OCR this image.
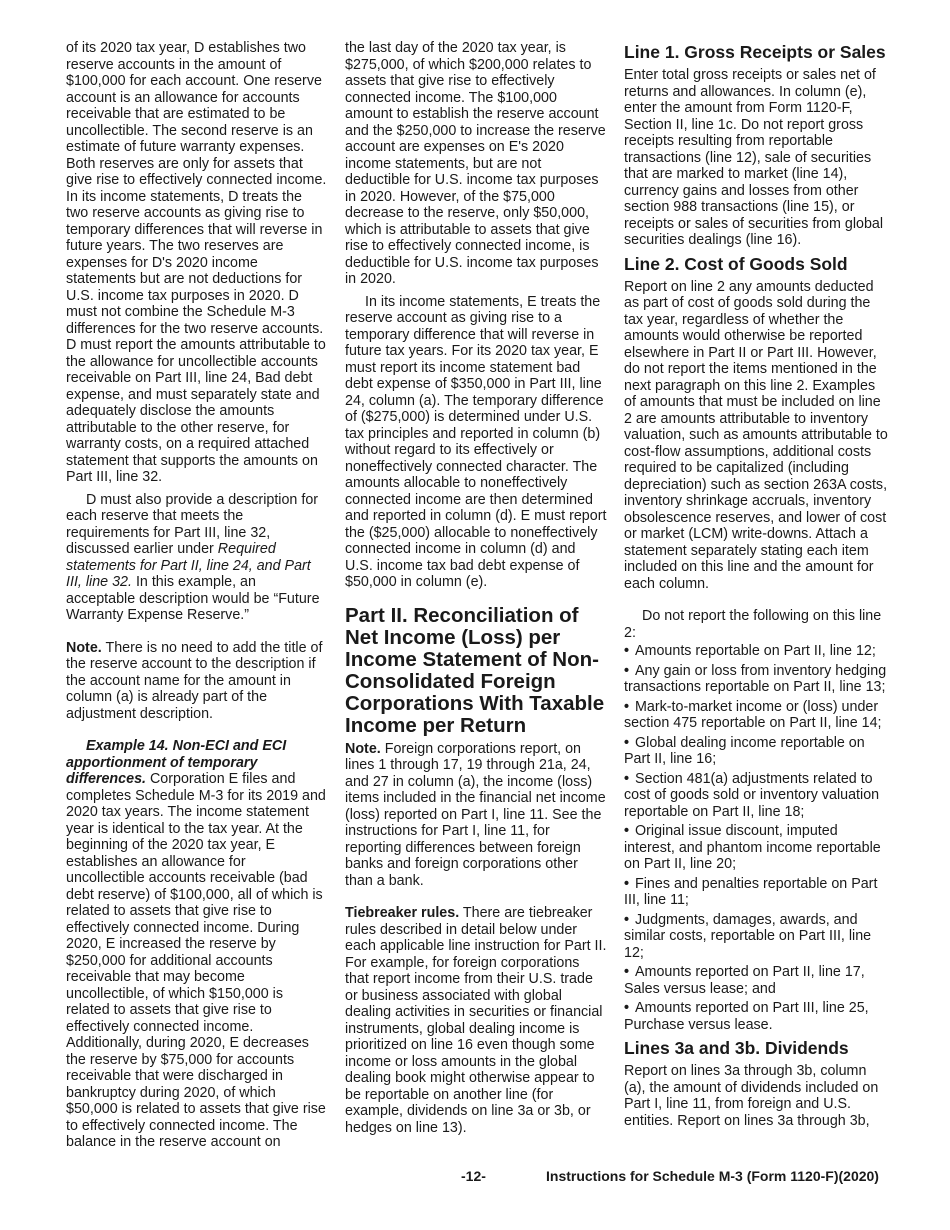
of its 2020 tax year, D establishes two reserve accounts in the amount of $100,000 for each account. One reserve account is an allowance for accounts receivable that are estimated to be uncollectible. The second reserve is an estimate of future warranty expenses. Both reserves are only for assets that give rise to effectively connected income. In its income statements, D treats the two reserve accounts as giving rise to temporary differences that will reverse in future years. The two reserves are expenses for D's 2020 income statements but are not deductions for U.S. income tax purposes in 2020. D must not combine the Schedule M-3 differences for the two reserve accounts. D must report the amounts attributable to the allowance for uncollectible accounts receivable on Part III, line 24, Bad debt expense, and must separately state and adequately disclose the amounts attributable to the other reserve, for warranty costs, on a required attached statement that supports the amounts on Part III, line 32.

D must also provide a description for each reserve that meets the requirements for Part III, line 32, discussed earlier under Required statements for Part II, line 24, and Part III, line 32. In this example, an acceptable description would be “Future Warranty Expense Reserve.”

Note. There is no need to add the title of the reserve account to the description if the account name for the amount in column (a) is already part of the adjustment description.

Example 14. Non-ECI and ECI apportionment of temporary differences. Corporation E files and completes Schedule M-3 for its 2019 and 2020 tax years. The income statement year is identical to the tax year. At the beginning of the 2020 tax year, E establishes an allowance for uncollectible accounts receivable (bad debt reserve) of $100,000, all of which is related to assets that give rise to effectively connected income. During 2020, E increased the reserve by $250,000 for additional accounts receivable that may become uncollectible, of which $150,000 is related to assets that give rise to effectively connected income. Additionally, during 2020, E decreases the reserve by $75,000 for accounts receivable that were discharged in bankruptcy during 2020, of which $50,000 is related to assets that give rise to effectively connected income. The balance in the reserve account on

the last day of the 2020 tax year, is $275,000, of which $200,000 relates to assets that give rise to effectively connected income. The $100,000 amount to establish the reserve account and the $250,000 to increase the reserve account are expenses on E's 2020 income statements, but are not deductible for U.S. income tax purposes in 2020. However, of the $75,000 decrease to the reserve, only $50,000, which is attributable to assets that give rise to effectively connected income, is deductible for U.S. income tax purposes in 2020.

In its income statements, E treats the reserve account as giving rise to a temporary difference that will reverse in future tax years. For its 2020 tax year, E must report its income statement bad debt expense of $350,000 in Part III, line 24, column (a). The temporary difference of ($275,000) is determined under U.S. tax principles and reported in column (b) without regard to its effectively or noneffectively connected character. The amounts allocable to noneffectively connected income are then determined and reported in column (d). E must report the ($25,000) allocable to noneffectively connected income in column (d) and U.S. income tax bad debt expense of $50,000 in column (e).

Part II. Reconciliation of Net Income (Loss) per Income Statement of Non-Consolidated Foreign Corporations With Taxable Income per Return

Note. Foreign corporations report, on lines 1 through 17, 19 through 21a, 24, and 27 in column (a), the income (loss) items included in the financial net income (loss) reported on Part I, line 11. See the instructions for Part I, line 11, for reporting differences between foreign banks and foreign corporations other than a bank.

Tiebreaker rules. There are tiebreaker rules described in detail below under each applicable line instruction for Part II. For example, for foreign corporations that report income from their U.S. trade or business associated with global dealing activities in securities or financial instruments, global dealing income is prioritized on line 16 even though some income or loss amounts in the global dealing book might otherwise appear to be reportable on another line (for example, dividends on line 3a or 3b, or hedges on line 13).

Line 1. Gross Receipts or Sales

Enter total gross receipts or sales net of returns and allowances. In column (e), enter the amount from Form 1120-F, Section II, line 1c. Do not report gross receipts resulting from reportable transactions (line 12), sale of securities that are marked to market (line 14), currency gains and losses from other section 988 transactions (line 15), or receipts or sales of securities from global securities dealings (line 16).

Line 2. Cost of Goods Sold

Report on line 2 any amounts deducted as part of cost of goods sold during the tax year, regardless of whether the amounts would otherwise be reported elsewhere in Part II or Part III. However, do not report the items mentioned in the next paragraph on this line 2. Examples of amounts that must be included on line 2 are amounts attributable to inventory valuation, such as amounts attributable to cost-flow assumptions, additional costs required to be capitalized (including depreciation) such as section 263A costs, inventory shrinkage accruals, inventory obsolescence reserves, and lower of cost or market (LCM) write-downs. Attach a statement separately stating each item included on this line and the amount for each column.

Do not report the following on this line 2:

• Amounts reportable on Part II, line 12;
• Any gain or loss from inventory hedging transactions reportable on Part II, line 13;
• Mark-to-market income or (loss) under section 475 reportable on Part II, line 14;
• Global dealing income reportable on Part II, line 16;
• Section 481(a) adjustments related to cost of goods sold or inventory valuation reportable on Part II, line 18;
• Original issue discount, imputed interest, and phantom income reportable on Part II, line 20;
• Fines and penalties reportable on Part III, line 11;
• Judgments, damages, awards, and similar costs, reportable on Part III, line 12;
• Amounts reported on Part II, line 17, Sales versus lease; and
• Amounts reported on Part III, line 25, Purchase versus lease.
Lines 3a and 3b. Dividends

Report on lines 3a through 3b, column (a), the amount of dividends included on Part I, line 11, from foreign and U.S. entities. Report on lines 3a through 3b,

-12-	Instructions for Schedule M-3 (Form 1120-F)(2020)
